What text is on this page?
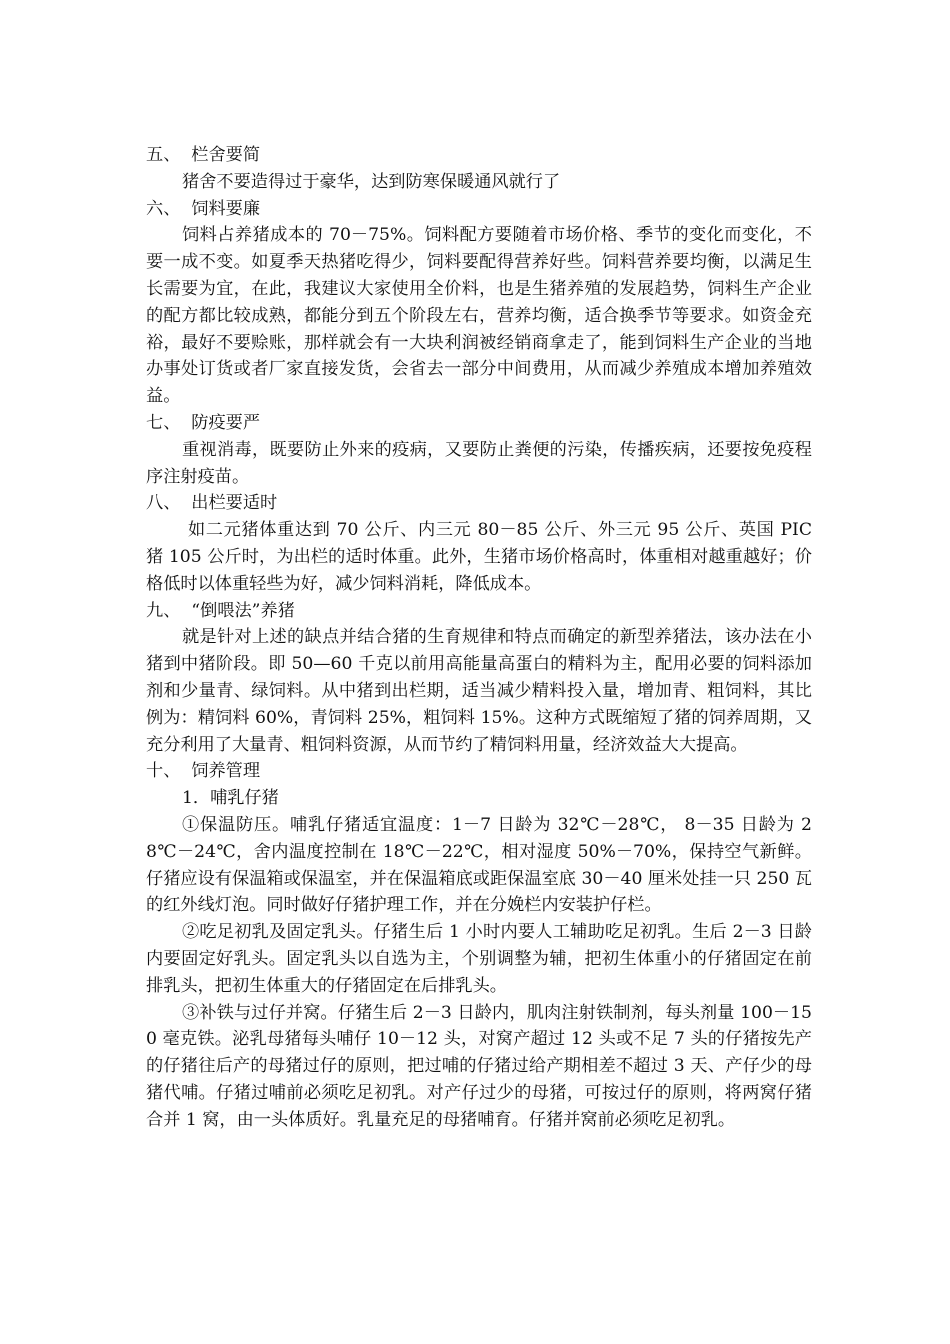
五、  栏舍要简

猪舍不要造得过于豪华，达到防寒保暖通风就行了

六、  饲料要廉

饲料占养猪成本的 70－75%。饲料配方要随着市场价格、季节的变化而变化，不要一成不变。如夏季天热猪吃得少，饲料要配得营养好些。饲料营养要均衡，以满足生长需要为宜，在此，我建议大家使用全价料，也是生猪养殖的发展趋势，饲料生产企业的配方都比较成熟，都能分到五个阶段左右，营养均衡，适合换季节等要求。如资金充裕，最好不要赊账，那样就会有一大块利润被经销商拿走了，能到饲料生产企业的当地办事处订货或者厂家直接发货，会省去一部分中间费用，从而减少养殖成本增加养殖效益。

七、  防疫要严

重视消毒，既要防止外来的疫病，又要防止粪便的污染，传播疾病，还要按免疫程序注射疫苗。

八、  出栏要适时

如二元猪体重达到 70 公斤、内三元 80－85 公斤、外三元 95 公斤、英国 PIC 猪 105 公斤时，为出栏的适时体重。此外，生猪市场价格高时，体重相对越重越好；价格低时以体重轻些为好，减少饲料消耗，降低成本。

九、  “倒喂法”养猪

就是针对上述的缺点并结合猪的生育规律和特点而确定的新型养猪法，该办法在小猪到中猪阶段。即 50—60 千克以前用高能量高蛋白的精料为主，配用必要的饲料添加剂和少量青、绿饲料。从中猪到出栏期，适当减少精料投入量，增加青、粗饲料，其比例为：精饲料 60%，青饲料 25%，粗饲料 15%。这种方式既缩短了猪的饲养周期，又充分利用了大量青、粗饲料资源，从而节约了精饲料用量，经济效益大大提高。

十、  饲养管理

1．哺乳仔猪

①保温防压。哺乳仔猪适宜温度：1－7 日龄为 32℃－28℃， 8－35 日龄为 28℃－24℃，舍内温度控制在 18℃－22℃，相对湿度 50%－70%，保持空气新鲜。仔猪应设有保温箱或保温室，并在保温箱底或距保温室底 30－40 厘米处挂一只 250 瓦的红外线灯泡。同时做好仔猪护理工作，并在分娩栏内安装护仔栏。

②吃足初乳及固定乳头。仔猪生后 1 小时内要人工辅助吃足初乳。生后 2－3 日龄内要固定好乳头。固定乳头以自选为主，个别调整为辅，把初生体重小的仔猪固定在前排乳头，把初生体重大的仔猪固定在后排乳头。

③补铁与过仔并窝。仔猪生后 2－3 日龄内，肌肉注射铁制剂，每头剂量 100－150 毫克铁。泌乳母猪每头哺仔 10－12 头，对窝产超过 12 头或不足 7 头的仔猪按先产的仔猪往后产的母猪过仔的原则，把过哺的仔猪过给产期相差不超过 3 天、产仔少的母猪代哺。仔猪过哺前必须吃足初乳。对产仔过少的母猪，可按过仔的原则，将两窝仔猪合并 1 窝，由一头体质好。乳量充足的母猪哺育。仔猪并窝前必须吃足初乳。
